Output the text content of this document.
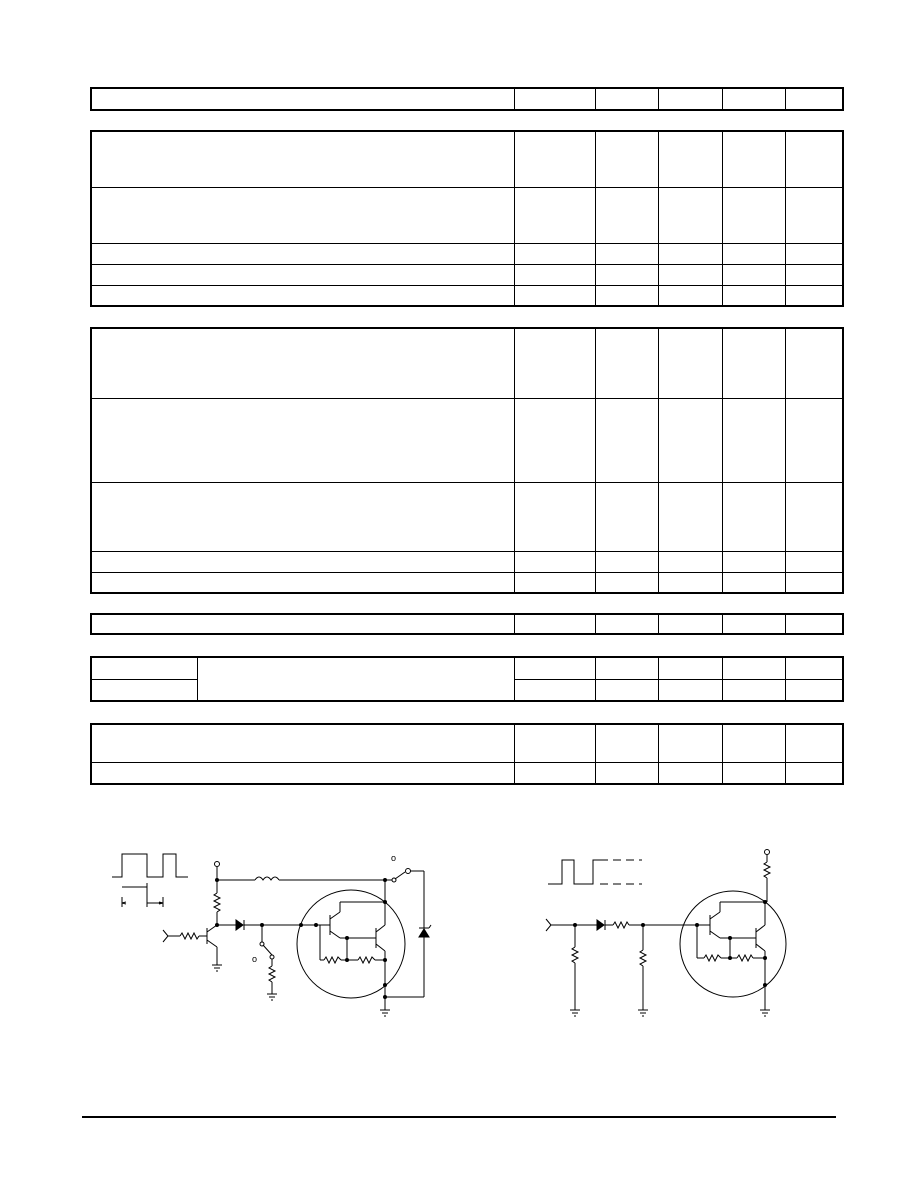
o
o
